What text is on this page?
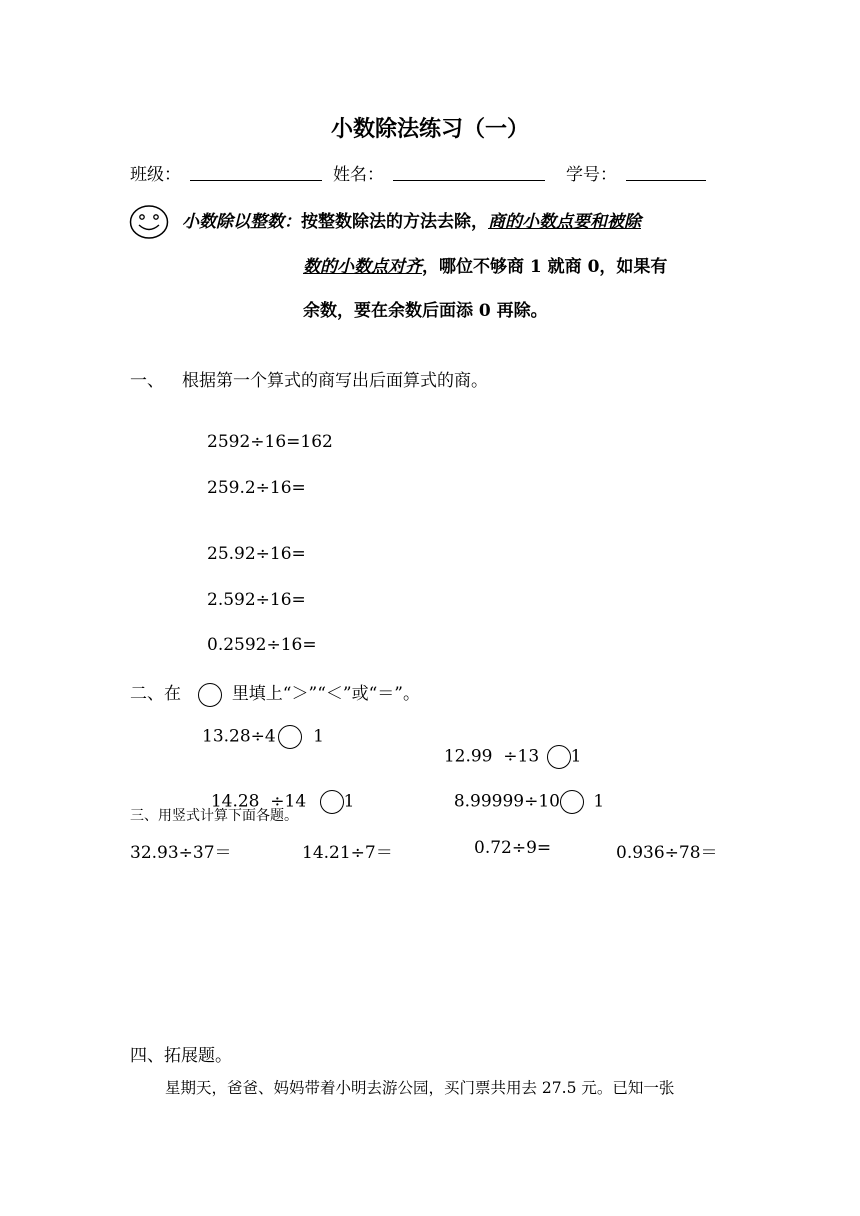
小数除法练习（一）
班级：	姓名：	学号：
小数除以整数：按整数除法的方法去除，商的小数点要和被除
数的小数点对齐，哪位不够商 1 就商 0，如果有
余数，要在余数后面添 0 再除。
一、 根据第一个算式的商写出后面算式的商。
2592÷16=162
259.2÷16=
25.92÷16=
2.592÷16=
0.2592÷16=
二、在	里填上“＞”“＜”或“＝”。
13.28÷4 1

12.99  ÷13 1

14.28  ÷14 1	8.99999÷10 1

三、用竖式计算下面各题。
32.93÷37＝	14.21÷7＝	0.72÷9=	0.936÷78＝
四、拓展题。
星期天，爸爸、妈妈带着小明去游公园，买门票共用去 27.5 元。已知一张
